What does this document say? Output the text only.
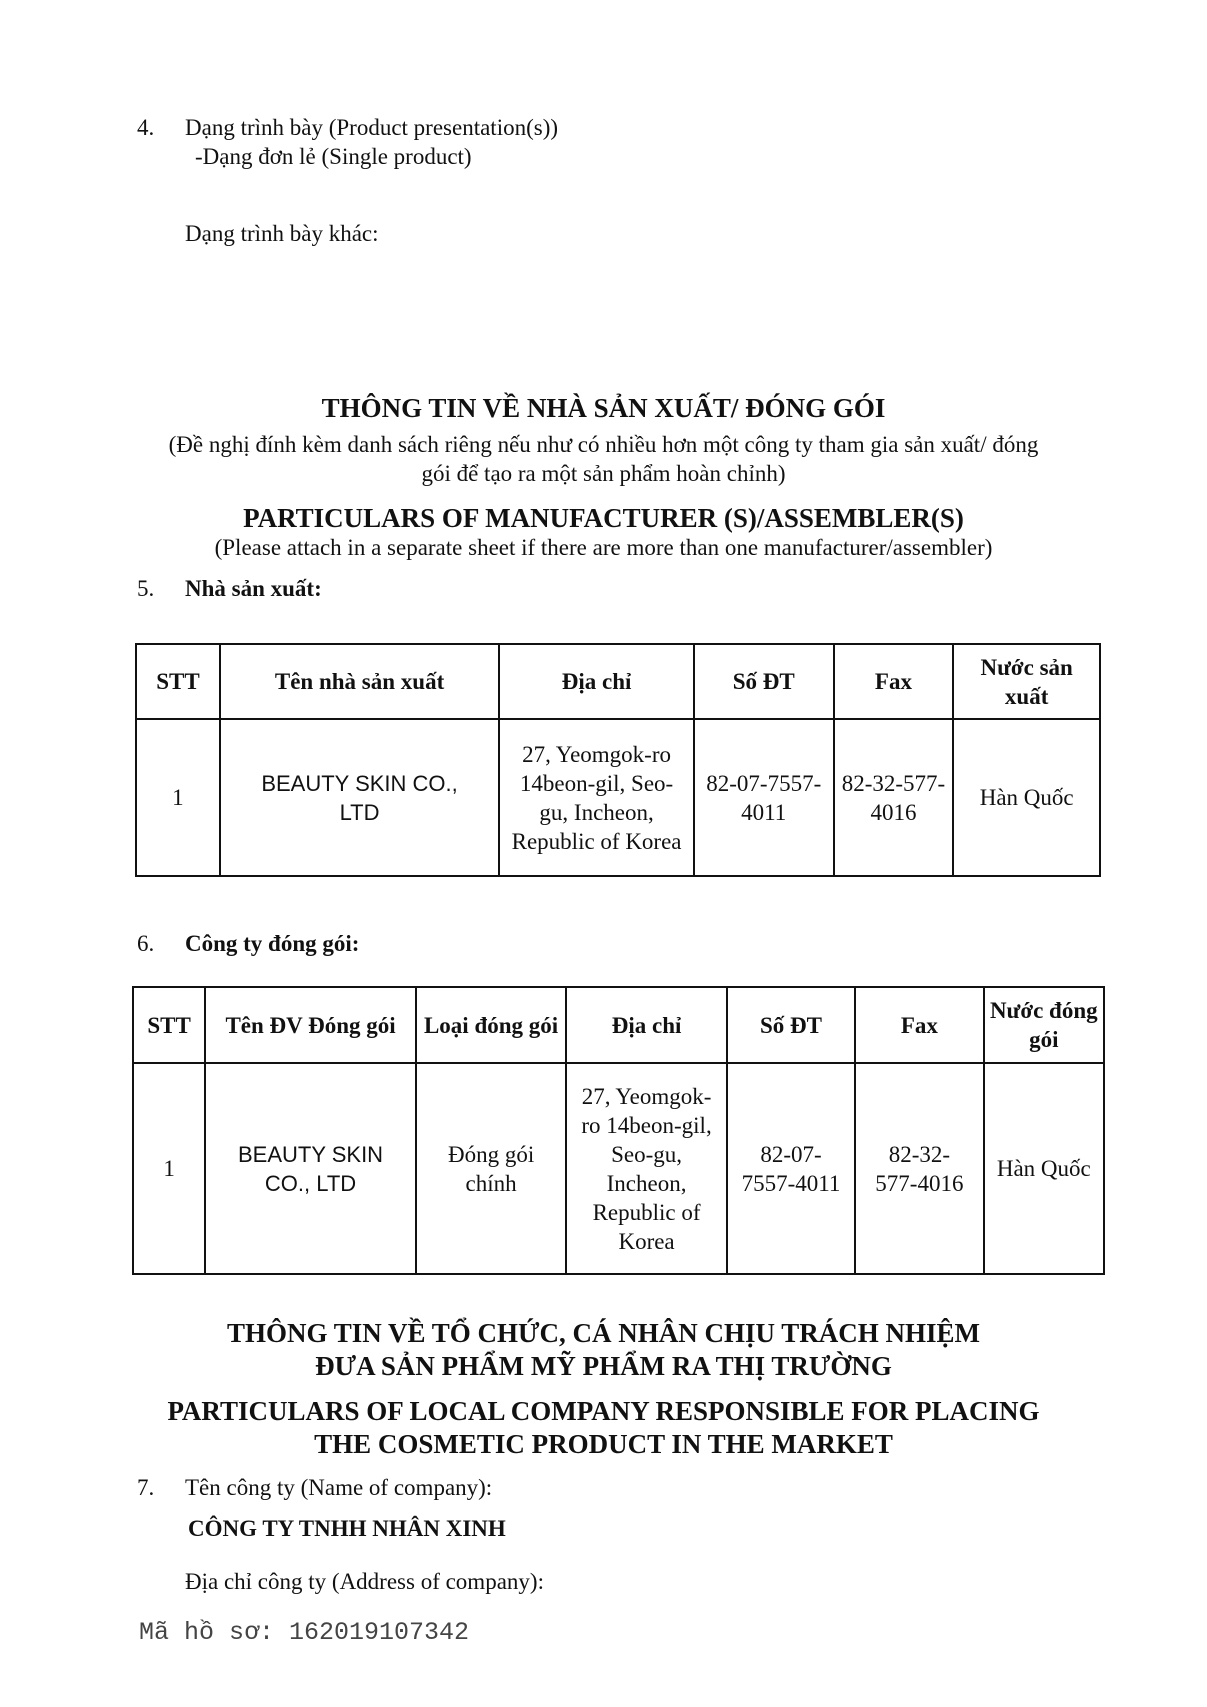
4. Dạng trình bày (Product presentation(s))
-Dạng đơn lẻ (Single product)
Dạng trình bày khác:
THÔNG TIN VỀ NHÀ SẢN XUẤT/ ĐÓNG GÓI
(Đề nghị đính kèm danh sách riêng nếu như có nhiều hơn một công ty tham gia sản xuất/ đóng
gói để tạo ra một sản phẩm hoàn chỉnh)
PARTICULARS OF MANUFACTURER (S)/ASSEMBLER(S)
(Please attach in a separate sheet if there are more than one manufacturer/assembler)
5. Nhà sản xuất:
STT	Tên nhà sản xuất	Địa chỉ	Số ĐT	Fax	Nước sản xuất
1	BEAUTY SKIN CO., LTD	27, Yeomgok-ro 14beon-gil, Seo-gu, Incheon, Republic of Korea	82-07-7557-4011	82-32-577-4016	Hàn Quốc
6. Công ty đóng gói:
STT	Tên ĐV Đóng gói	Loại đóng gói	Địa chỉ	Số ĐT	Fax	Nước đóng gói
1	BEAUTY SKIN CO., LTD	Đóng gói chính	27, Yeomgok-ro 14beon-gil, Seo-gu, Incheon, Republic of Korea	82-07-7557-4011	82-32-577-4016	Hàn Quốc
THÔNG TIN VỀ TỔ CHỨC, CÁ NHÂN CHỊU TRÁCH NHIỆM
ĐƯA SẢN PHẨM MỸ PHẨM RA THỊ TRƯỜNG
PARTICULARS OF LOCAL COMPANY RESPONSIBLE FOR PLACING
THE COSMETIC PRODUCT IN THE MARKET
7. Tên công ty (Name of company):
CÔNG TY TNHH NHÂN XINH
Địa chỉ công ty (Address of company):
Mã hồ sơ: 162019107342
